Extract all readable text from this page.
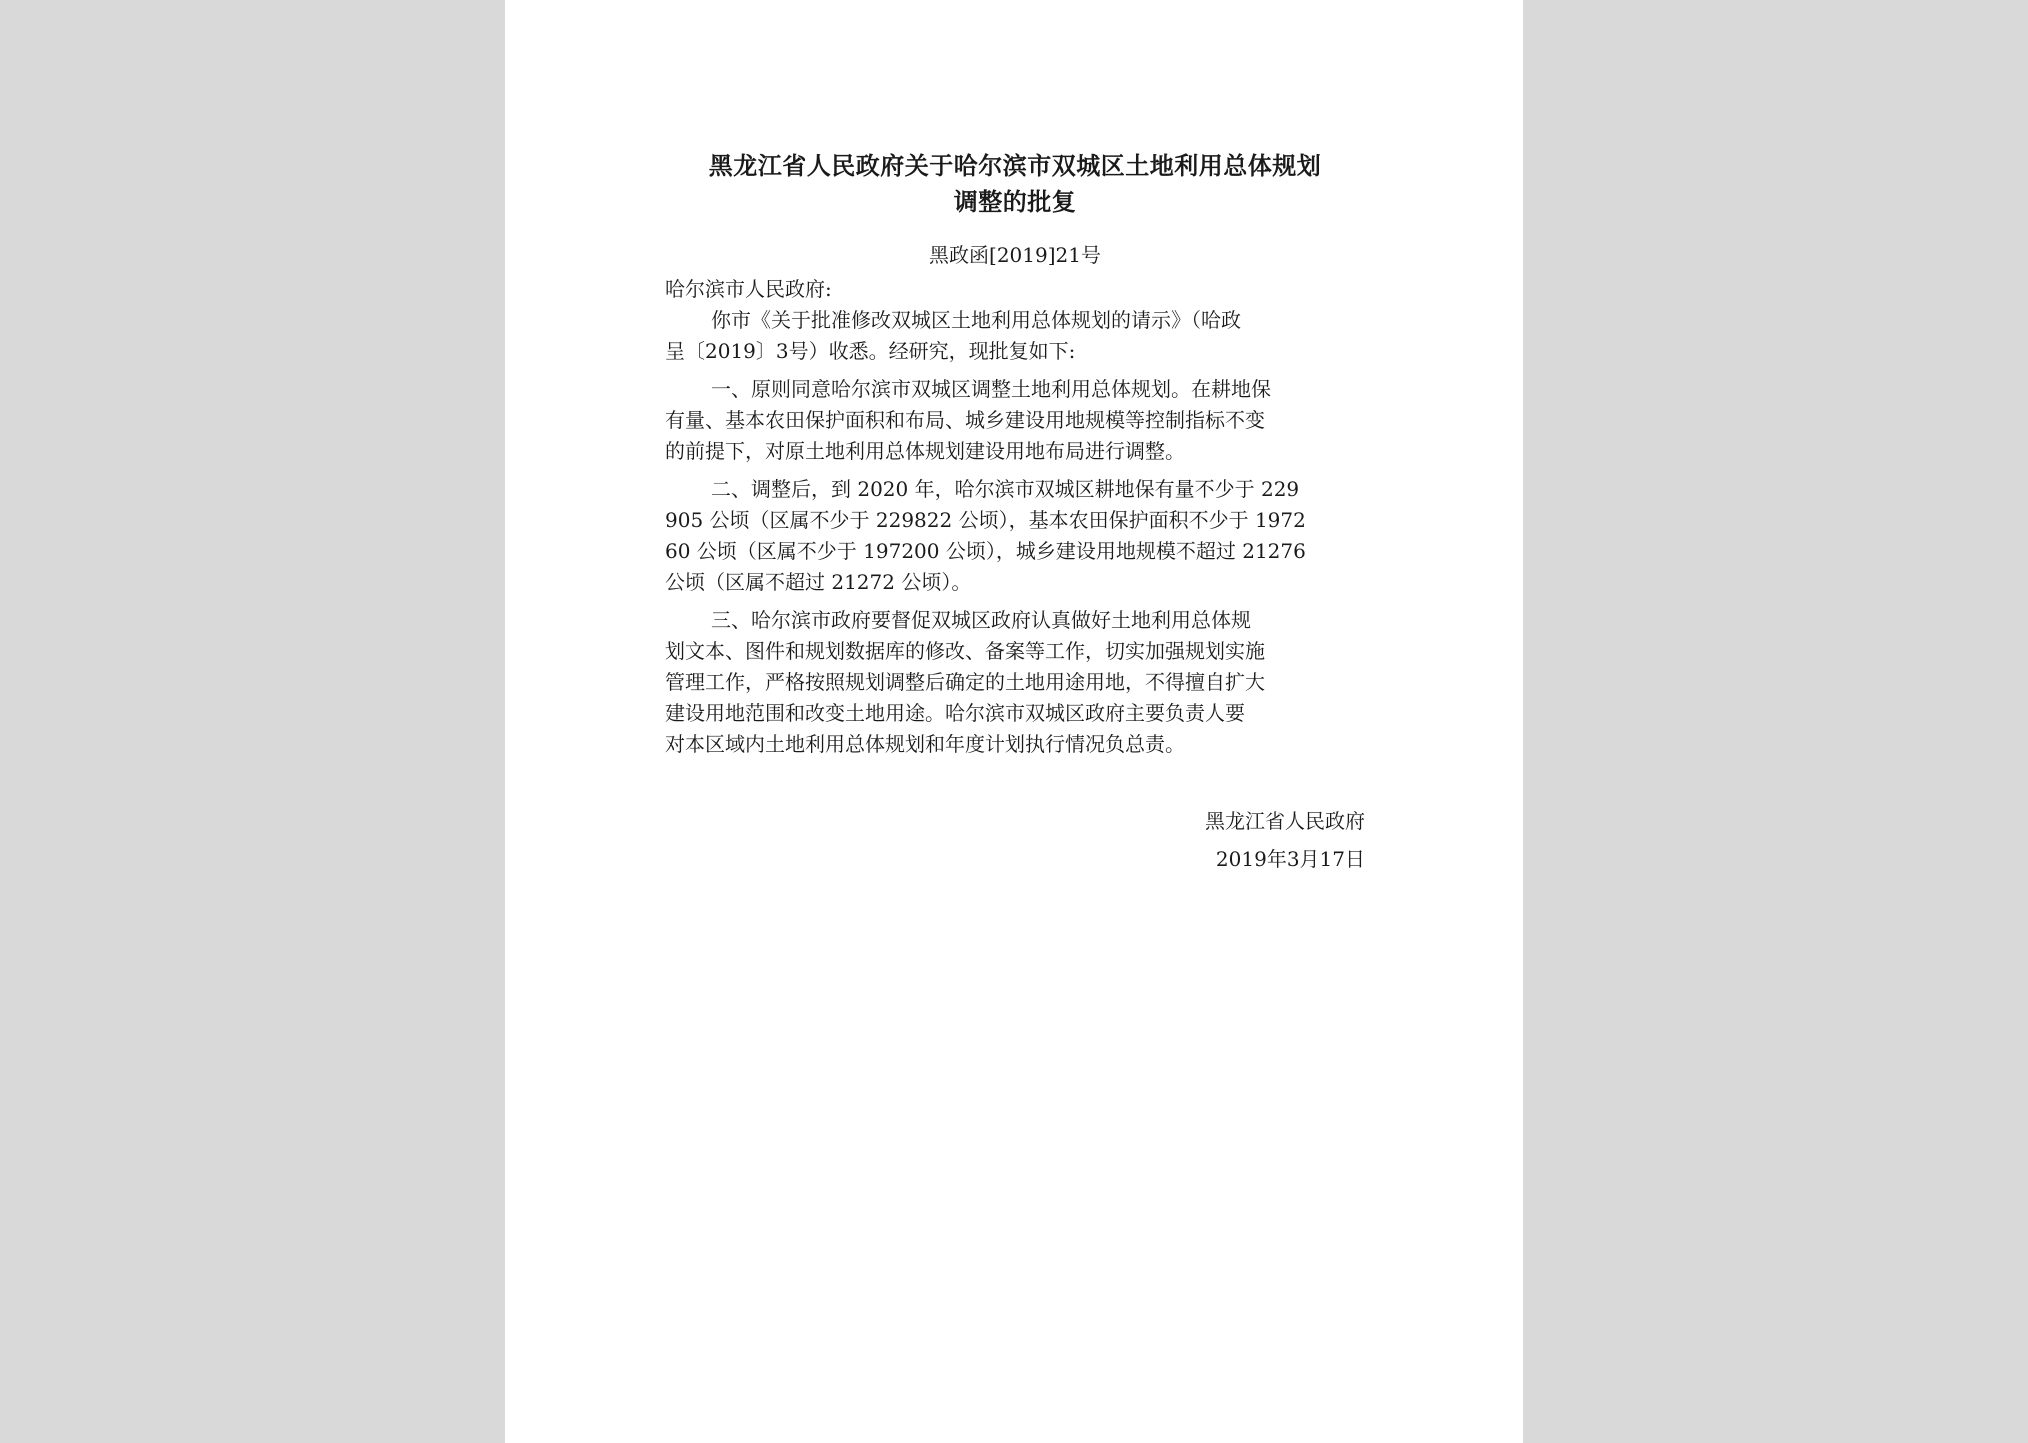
黑龙江省人民政府关于哈尔滨市双城区土地利用总体规划
调整的批复
黑政函[2019]21号

哈尔滨市人民政府:

你市《关于批准修改双城区土地利用总体规划的请示》（哈政
呈〔2019〕3号）收悉。经研究，现批复如下:

一、原则同意哈尔滨市双城区调整土地利用总体规划。在耕地保
有量、基本农田保护面积和布局、城乡建设用地规模等控制指标不变
的前提下，对原土地利用总体规划建设用地布局进行调整。

二、调整后，到 2020 年，哈尔滨市双城区耕地保有量不少于 229
905 公顷（区属不少于 229822 公顷），基本农田保护面积不少于 1972
60 公顷（区属不少于 197200 公顷），城乡建设用地规模不超过 21276
公顷（区属不超过 21272 公顷）。

三、哈尔滨市政府要督促双城区政府认真做好土地利用总体规
划文本、图件和规划数据库的修改、备案等工作，切实加强规划实施
管理工作，严格按照规划调整后确定的土地用途用地，不得擅自扩大
建设用地范围和改变土地用途。哈尔滨市双城区政府主要负责人要
对本区域内土地利用总体规划和年度计划执行情况负总责。

黑龙江省人民政府
2019年3月17日
